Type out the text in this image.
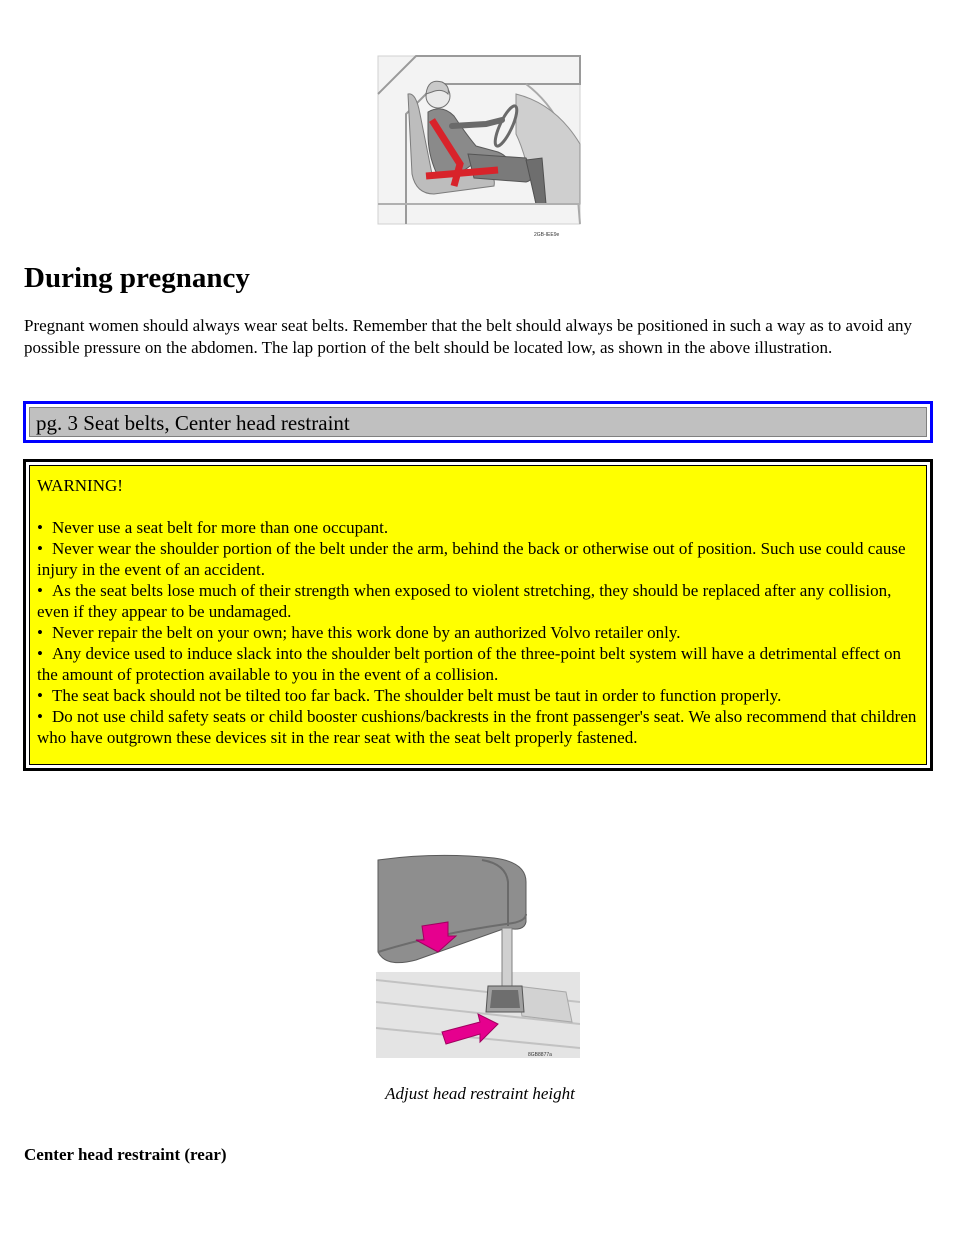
2GB-IEE9e
During pregnancy

Pregnant women should always wear seat belts. Remember that the belt should always be positioned in such a way as to avoid any possible pressure on the abdomen. The lap portion of the belt should be located low, as shown in the above illustration.

pg. 3 Seat belts, Center head restraint

WARNING!

• Never use a seat belt for more than one occupant.
• Never wear the shoulder portion of the belt under the arm, behind the back or otherwise out of position. Such use could cause injury in the event of an accident.
• As the seat belts lose much of their strength when exposed to violent stretching, they should be replaced after any collision, even if they appear to be undamaged.
• Never repair the belt on your own; have this work done by an authorized Volvo retailer only.
• Any device used to induce slack into the shoulder belt portion of the three-point belt system will have a detrimental effect on the amount of protection available to you in the event of a collision.
• The seat back should not be tilted too far back. The shoulder belt must be taut in order to function properly.
• Do not use child safety seats or child booster cushions/backrests in the front passenger's seat. We also recommend that children who have outgrown these devices sit in the rear seat with the seat belt properly fastened.
8GB8877a

Adjust head restraint height

Center head restraint (rear)
